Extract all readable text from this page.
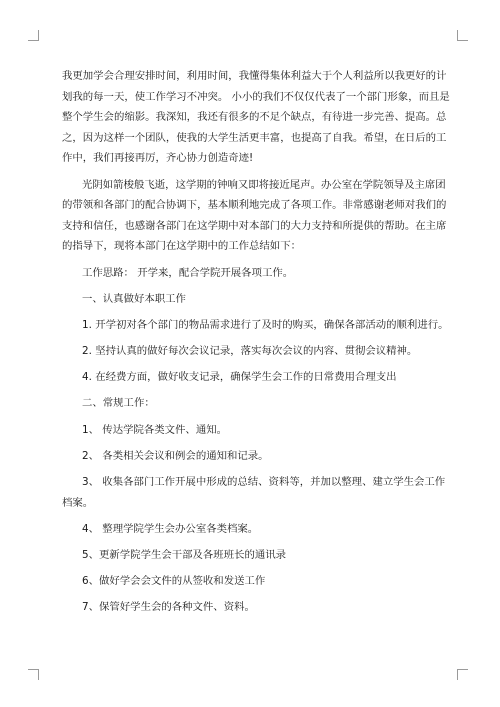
我更加学会合理安排时间，利用时间，我懂得集体利益大于个人利益所以我更好的计
划我的每一天，使工作学习不冲突。 小小的我们不仅仅代表了一个部门形象，而且是
整个学生会的缩影。我深知，我还有很多的不足个缺点，有待进一步完善、提高。总
之，因为这样一个团队，使我的大学生活更丰富，也提高了自我。希望，在日后的工
作中，我们再接再厉，齐心协力创造奇迹!

光阴如箭梭般飞逝，这学期的钟响又即将接近尾声。办公室在学院领导及主席团
的带领和各部门的配合协调下，基本顺利地完成了各项工作。非常感谢老师对我们的
支持和信任，也感谢各部门在这学期中对本部门的大力支持和所提供的帮助。在主席
的指导下，现将本部门在这学期中的工作总结如下：

工作思路： 开学来，配合学院开展各项工作。

一、认真做好本职工作

1. 开学初对各个部门的物品需求进行了及时的购买，确保各部活动的顺利进行。

2. 坚持认真的做好每次会议记录，落实每次会议的内容、贯彻会议精神。

4. 在经费方面，做好收支记录，确保学生会工作的日常费用合理支出

二、常规工作：

1、 传达学院各类文件、通知。

2、 各类相关会议和例会的通知和记录。

3、 收集各部门工作开展中形成的总结、资料等，并加以整理、建立学生会工作
档案。

4、 整理学院学生会办公室各类档案。

5、更新学院学生会干部及各班班长的通讯录

6、做好学会会文件的从签收和发送工作

7、保管好学生会的各种文件、资料。
